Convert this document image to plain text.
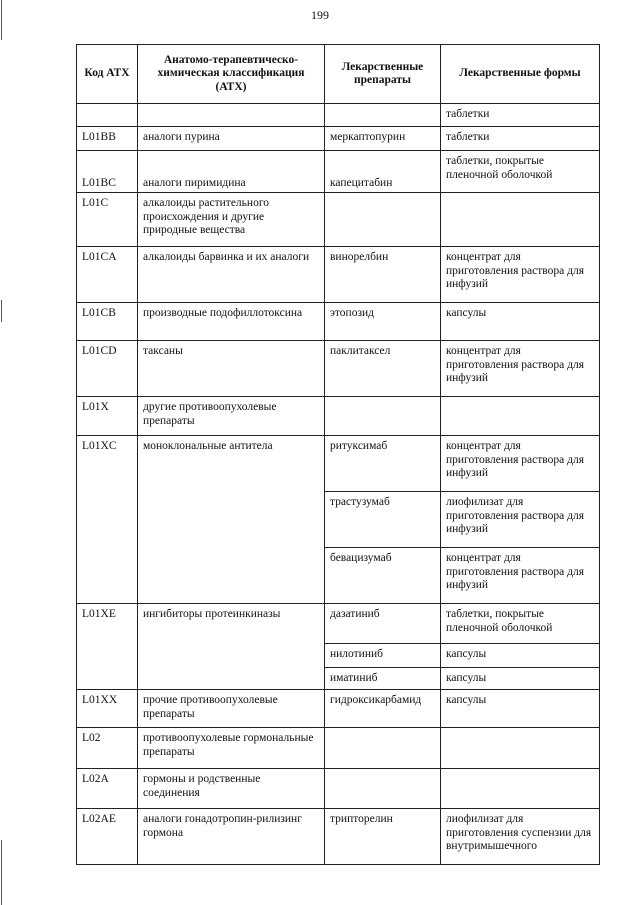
199
Код АТХ	Анатомо-терапевтическо-химическая классификация (АТХ)	Лекарственные препараты	Лекарственные формы
			таблетки
L01BB	аналоги пурина	меркаптопурин	таблетки
L01BC	аналоги пиримидина	капецитабин	таблетки, покрытые пленочной оболочкой
L01C	алкалоиды растительного происхождения и другие природные вещества		
L01CA	алкалоиды барвинка и их аналоги	винорелбин	концентрат для приготовления раствора для инфузий
L01CB	производные подофиллотоксина	этопозид	капсулы
L01CD	таксаны	паклитаксел	концентрат для приготовления раствора для инфузий
L01X	другие противоопухолевые препараты		
L01XC	моноклональные антитела	ритуксимаб	концентрат для приготовления раствора для инфузий
		трастузумаб	лиофилизат для приготовления раствора для инфузий
		бевацизумаб	концентрат для приготовления раствора для инфузий
L01XE	ингибиторы протеинкиназы	дазатиниб	таблетки, покрытые пленочной оболочкой
		нилотиниб	капсулы
		иматиниб	капсулы
L01XX	прочие противоопухолевые препараты	гидроксикарбамид	капсулы
L02	противоопухолевые гормональные препараты		
L02A	гормоны и родственные соединения		
L02AE	аналоги гонадотропин-рилизинг гормона	трипторелин	лиофилизат для приготовления суспензии для внутримышечного
